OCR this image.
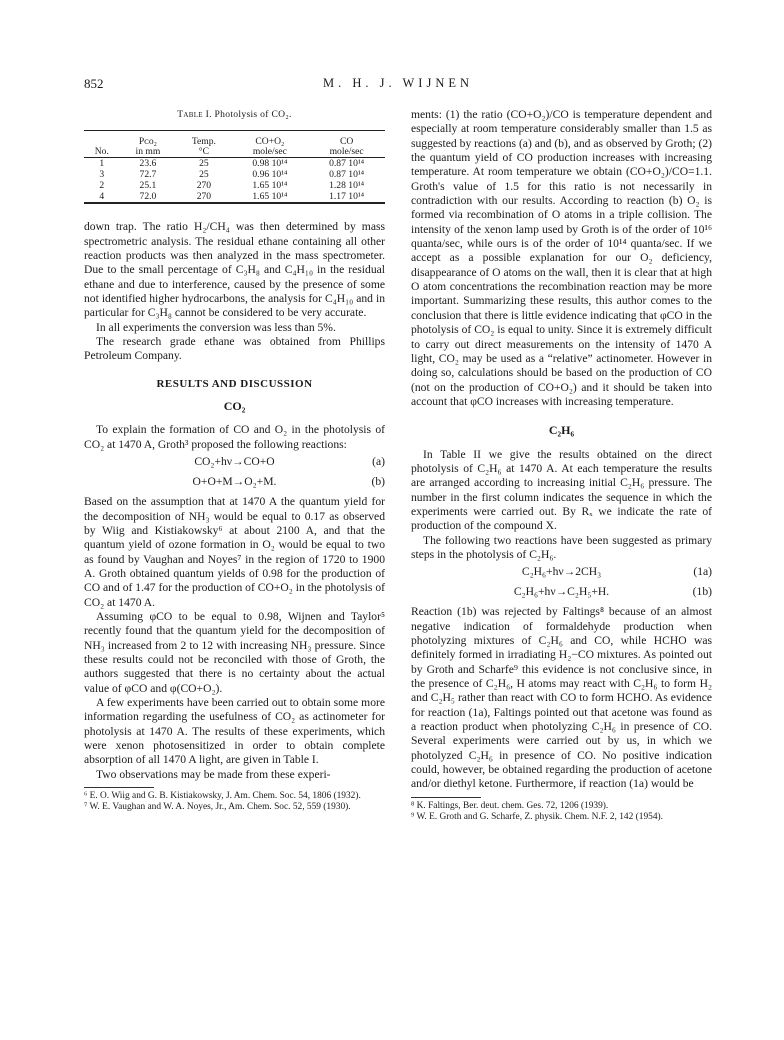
852	M. H. J. WIJNEN
Table I. Photolysis of CO₂.

	Pᴄᴏ₂	Temp.	CO+O₂	CO
No.	in mm	°C	mole/sec	mole/sec

1	23.6	25	0.98 10¹⁴	0.87 10¹⁴
3	72.7	25	0.96 10¹⁴	0.87 10¹⁴
2	25.1	270	1.65 10¹⁴	1.28 10¹⁴
4	72.0	270	1.65 10¹⁴	1.17 10¹⁴

down trap. The ratio H₂/CH₄ was then determined by mass spectrometric analysis. The residual ethane containing all other reaction products was then analyzed in the mass spectrometer. Due to the small percentage of C₃H₈ and C₄H₁₀ in the residual ethane and due to interference, caused by the presence of some not identified higher hydrocarbons, the analysis for C₄H₁₀ and in particular for C₃H₈ cannot be considered to be very accurate.

In all experiments the conversion was less than 5%.

The research grade ethane was obtained from Phillips Petroleum Company.

RESULTS AND DISCUSSION
CO₂

To explain the formation of CO and O₂ in the photolysis of CO₂ at 1470 A, Groth³ proposed the following reactions:

CO₂+hν→CO+O	(a)
O+O+M→O₂+M.	(b)

Based on the assumption that at 1470 A the quantum yield for the decomposition of NH₃ would be equal to 0.17 as observed by Wiig and Kistiakowsky⁶ at about 2100 A, and that the quantum yield of ozone formation in O₂ would be equal to two as found by Vaughan and Noyes⁷ in the region of 1720 to 1900 A. Groth obtained quantum yields of 0.98 for the production of CO and of 1.47 for the production of CO+O₂ in the photolysis of CO₂ at 1470 A.

Assuming φCO to be equal to 0.98, Wijnen and Taylor⁵ recently found that the quantum yield for the decomposition of NH₃ increased from 2 to 12 with increasing NH₃ pressure. Since these results could not be reconciled with those of Groth, the authors suggested that there is no certainty about the actual value of φCO and φ(CO+O₂).

A few experiments have been carried out to obtain some more information regarding the usefulness of CO₂ as actinometer for photolysis at 1470 A. The results of these experiments, which were xenon photosensitized in order to obtain complete absorption of all 1470 A light, are given in Table I.

Two observations may be made from these experi-

⁶ E. O. Wiig and G. B. Kistiakowsky, J. Am. Chem. Soc. 54, 1806 (1932).

⁷ W. E. Vaughan and W. A. Noyes, Jr., Am. Chem. Soc. 52, 559 (1930).

ments: (1) the ratio (CO+O₂)/CO is temperature dependent and especially at room temperature considerably smaller than 1.5 as suggested by reactions (a) and (b), and as observed by Groth; (2) the quantum yield of CO production increases with increasing temperature. At room temperature we obtain (CO+O₂)/CO=1.1. Groth's value of 1.5 for this ratio is not necessarily in contradiction with our results. According to reaction (b) O₂ is formed via recombination of O atoms in a triple collision. The intensity of the xenon lamp used by Groth is of the order of 10¹⁶ quanta/sec, while ours is of the order of 10¹⁴ quanta/sec. If we accept as a possible explanation for our O₂ deficiency, disappearance of O atoms on the wall, then it is clear that at high O atom concentrations the recombination reaction may be more important. Summarizing these results, this author comes to the conclusion that there is little evidence indicating that φCO in the photolysis of CO₂ is equal to unity. Since it is extremely difficult to carry out direct measurements on the intensity of 1470 A light, CO₂ may be used as a “relative” actinometer. However in doing so, calculations should be based on the production of CO (not on the production of CO+O₂) and it should be taken into account that φCO increases with increasing temperature.

C₂H₆

In Table II we give the results obtained on the direct photolysis of C₂H₆ at 1470 A. At each temperature the results are arranged according to increasing initial C₂H₆ pressure. The number in the first column indicates the sequence in which the experiments were carried out. By Rₓ we indicate the rate of production of the compound X.

The following two reactions have been suggested as primary steps in the photolysis of C₂H₆.

C₂H₆+hν→2CH₃	(1a)
C₂H₆+hν→C₂H₅+H.	(1b)

Reaction (1b) was rejected by Faltings⁸ because of an almost negative indication of formaldehyde production when photolyzing mixtures of C₂H₆ and CO, while HCHO was definitely formed in irradiating H₂−CO mixtures. As pointed out by Groth and Scharfe⁹ this evidence is not conclusive since, in the presence of C₂H₆, H atoms may react with C₂H₆ to form H₂ and C₂H₅ rather than react with CO to form HCHO. As evidence for reaction (1a), Faltings pointed out that acetone was found as a reaction product when photolyzing C₂H₆ in presence of CO. Several experiments were carried out by us, in which we photolyzed C₂H₆ in presence of CO. No positive indication could, however, be obtained regarding the production of acetone and/or diethyl ketone. Furthermore, if reaction (1a) would be

⁸ K. Faltings, Ber. deut. chem. Ges. 72, 1206 (1939).

⁹ W. E. Groth and G. Scharfe, Z. physik. Chem. N.F. 2, 142 (1954).
